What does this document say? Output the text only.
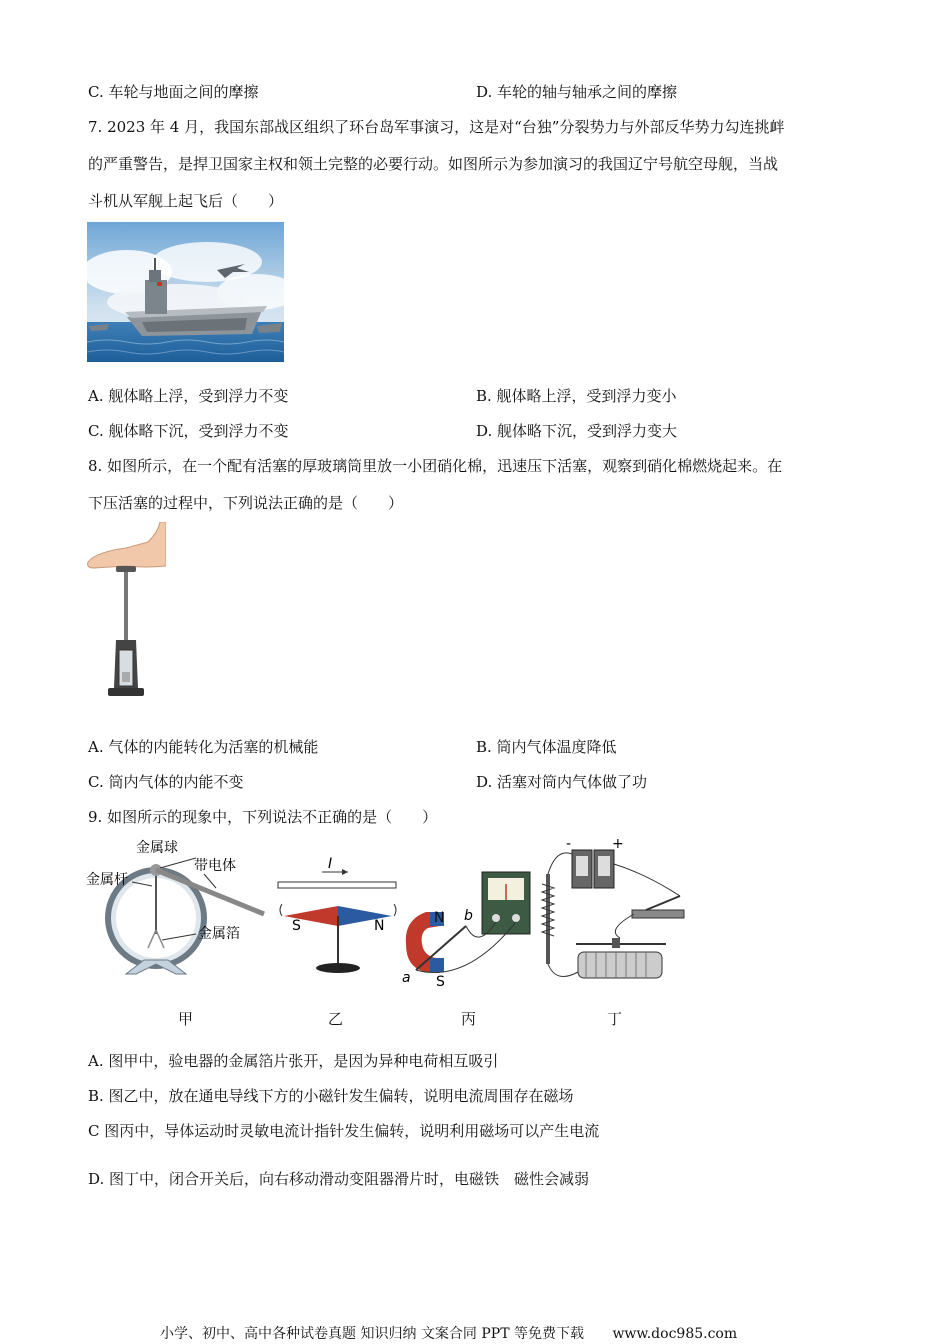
C. 车轮与地面之间的摩擦	D. 车轮的轴与轴承之间的摩擦
7. 2023 年 4 月，我国东部战区组织了环台岛军事演习，这是对“台独”分裂势力与外部反华势力勾连挑衅
的严重警告，是捍卫国家主权和领土完整的必要行动。如图所示为参加演习的我国辽宁号航空母舰，当战
斗机从军舰上起飞后（　　）
A. 舰体略上浮，受到浮力不变	B. 舰体略上浮，受到浮力变小
C. 舰体略下沉，受到浮力不变	D. 舰体略下沉，受到浮力变大
8. 如图所示，在一个配有活塞的厚玻璃筒里放一小团硝化棉，迅速压下活塞，观察到硝化棉燃烧起来。在
下压活塞的过程中，下列说法正确的是（　　）
A. 气体的内能转化为活塞的机械能	B. 筒内气体温度降低
C. 筒内气体的内能不变	D. 活塞对筒内气体做了功
9. 如图所示的现象中，下列说法不正确的是（　　）
金属球
带电体
金属杆
金属箔
I
S	N	N
S
a
b
-	+
甲	乙	丙	丁
A. 图甲中，验电器的金属箔片张开，是因为异种电荷相互吸引
B. 图乙中，放在通电导线下方的小磁针发生偏转，说明电流周围存在磁场
C 图丙中，导体运动时灵敏电流计指针发生偏转，说明利用磁场可以产生电流
D. 图丁中，闭合开关后，向右移动滑动变阻器滑片时，电磁铁　磁性会减弱
小学、初中、高中各种试卷真题 知识归纳 文案合同 PPT 等免费下载 www.doc985.com
